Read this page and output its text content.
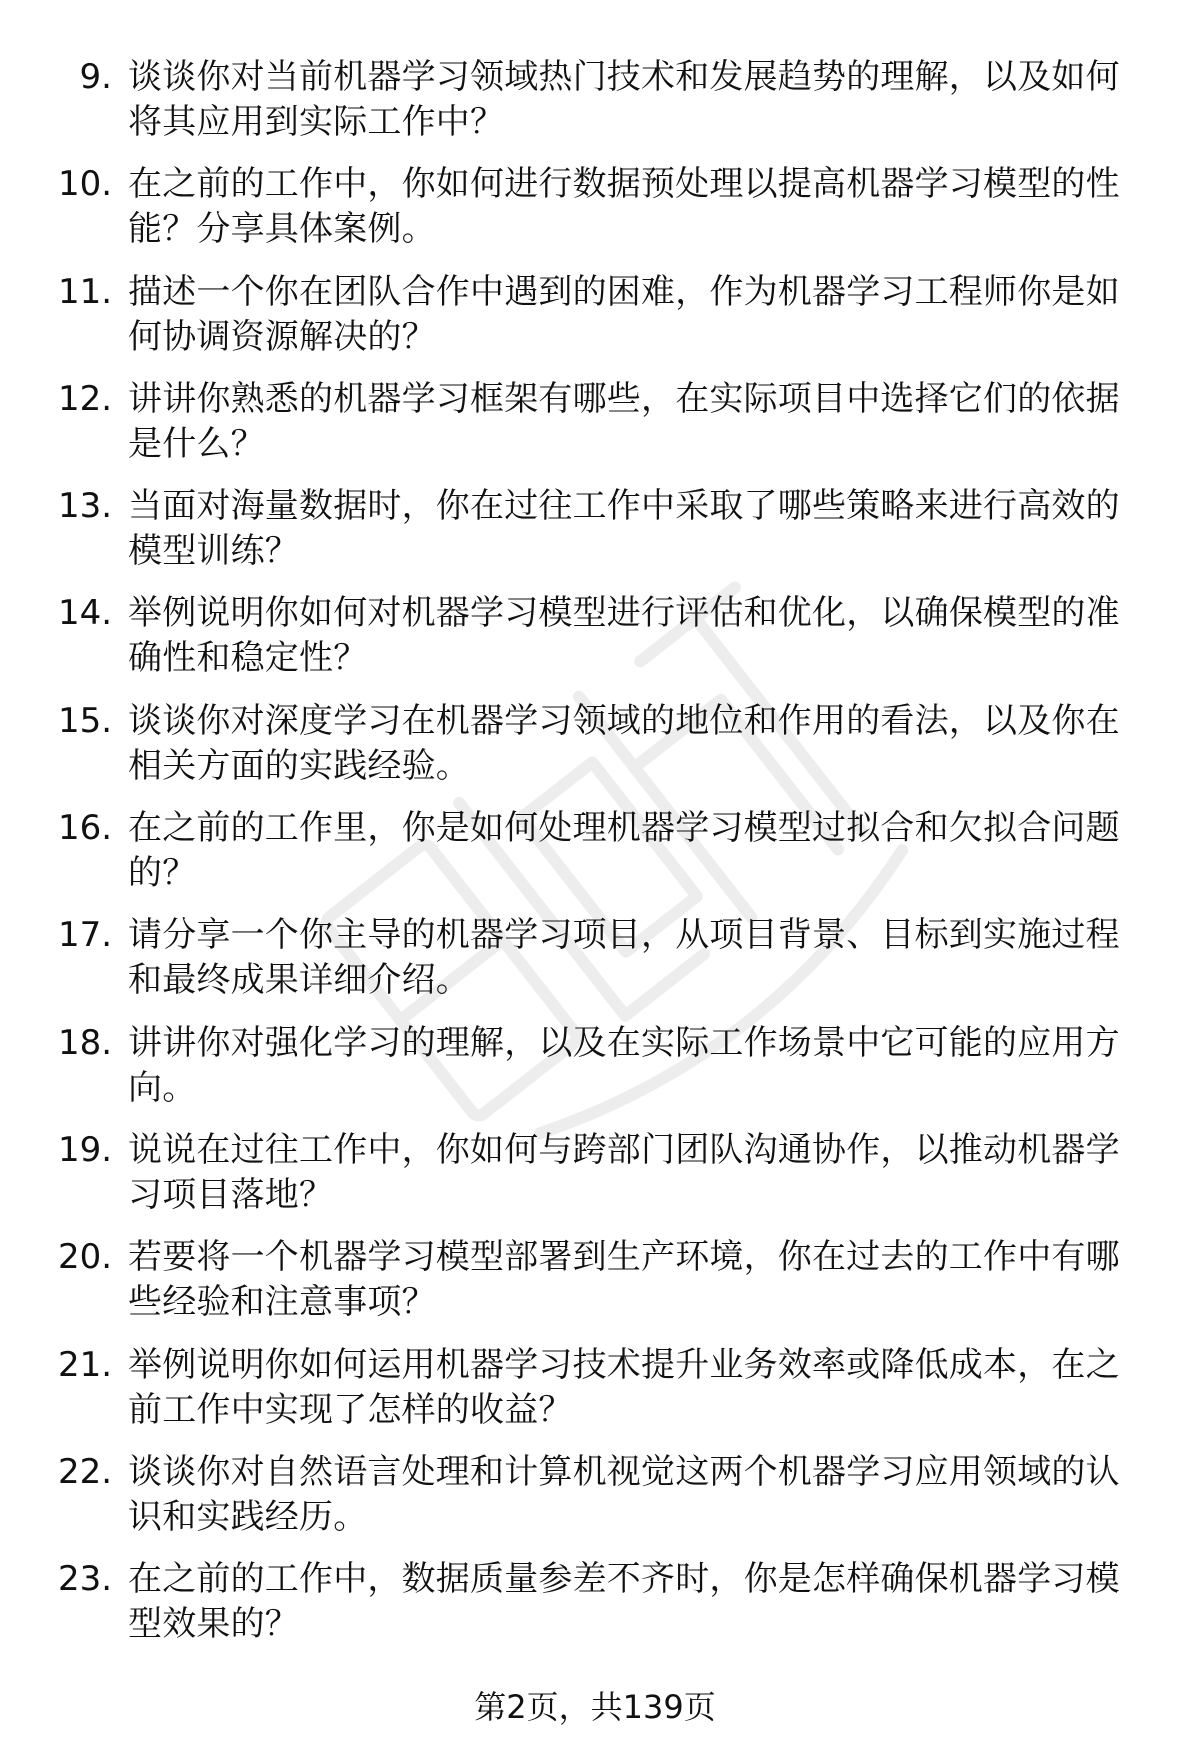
9. 谈谈你对当前机器学习领域热门技术和发展趋势的理解，以及如何将其应用到实际工作中？
10. 在之前的工作中，你如何进行数据预处理以提高机器学习模型的性能？分享具体案例。
11. 描述一个你在团队合作中遇到的困难，作为机器学习工程师你是如何协调资源解决的？
12. 讲讲你熟悉的机器学习框架有哪些，在实际项目中选择它们的依据是什么？
13. 当面对海量数据时，你在过往工作中采取了哪些策略来进行高效的模型训练？
14. 举例说明你如何对机器学习模型进行评估和优化，以确保模型的准确性和稳定性？
15. 谈谈你对深度学习在机器学习领域的地位和作用的看法，以及你在相关方面的实践经验。
16. 在之前的工作里，你是如何处理机器学习模型过拟合和欠拟合问题的？
17. 请分享一个你主导的机器学习项目，从项目背景、目标到实施过程和最终成果详细介绍。
18. 讲讲你对强化学习的理解，以及在实际工作场景中它可能的应用方向。
19. 说说在过往工作中，你如何与跨部门团队沟通协作，以推动机器学习项目落地？
20. 若要将一个机器学习模型部署到生产环境，你在过去的工作中有哪些经验和注意事项？
21. 举例说明你如何运用机器学习技术提升业务效率或降低成本，在之前工作中实现了怎样的收益？
22. 谈谈你对自然语言处理和计算机视觉这两个机器学习应用领域的认识和实践经历。
23. 在之前的工作中，数据质量参差不齐时，你是怎样确保机器学习模型效果的？
第2页，共139页
